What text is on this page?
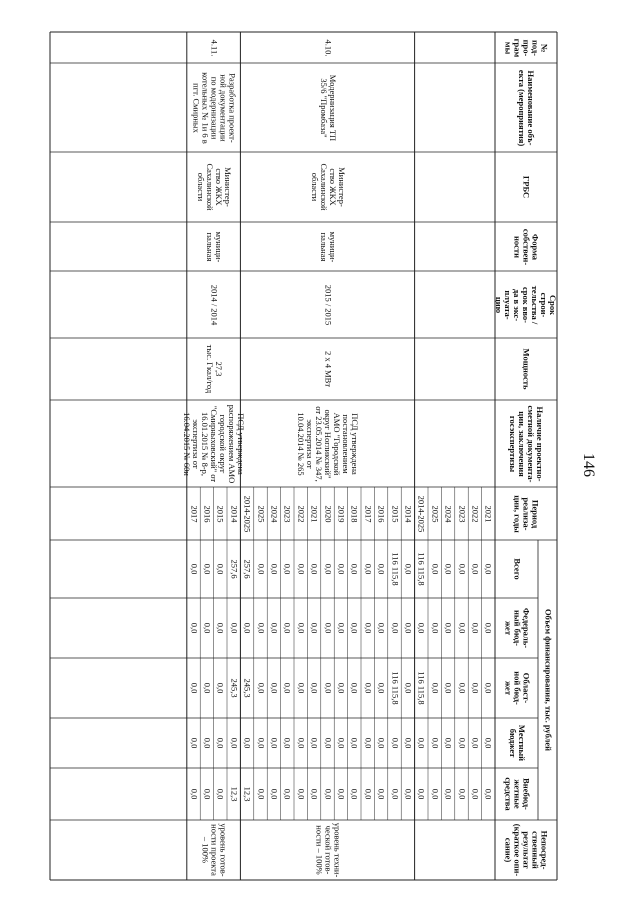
146
№
под-
про-
грам
мы
Наименование объ-
екта (мероприятия)
ГРБС
Форма
собствен-
ности
Срок
строи-
тельства /
срок вво-
да в экс-
плуата-
цию
Мощность
Наличие проектно-
сметной документа-
ции, заключения
госэкспертизы
Период
реализа-
ции, годы
Объем финансирования, тыс. рублей
Всего
Федераль-
ный бюд-
жет
Област-
ной бюд-
жет
Местный
бюджет
Внебюд-
жетные
средства
Непосред-
ственный
результат
(краткое опи-
сание)
2021
0,0
0,0
0,0
0,0
0,0
2022
0,0
0,0
0,0
0,0
0,0
2023
0,0
0,0
0,0
0,0
0,0
2024
0,0
0,0
0,0
0,0
0,0
2025
0,0
0,0
0,0
0,0
0,0
2014-2025
116 115,8
0,0
116 115,8
0,0
0,0
2014
0,0
0,0
0,0
0,0
0,0
2015
116 115,8
0,0
116 115,8
0,0
0,0
2016
0,0
0,0
0,0
0,0
0,0
2017
0,0
0,0
0,0
0,0
0,0
2018
0,0
0,0
0,0
0,0
0,0
2019
0,0
0,0
0,0
0,0
0,0
2020
0,0
0,0
0,0
0,0
0,0
2021
0,0
0,0
0,0
0,0
0,0
2022
0,0
0,0
0,0
0,0
0,0
2023
0,0
0,0
0,0
0,0
0,0
2024
0,0
0,0
0,0
0,0
0,0
2025
0,0
0,0
0,0
0,0
0,0
2014-2025
257,6
0,0
245,3
0,0
12,3
4.10.
Модернизация ТП
35/6 "Промбаза"
Министер-
ство ЖКХ
Сахалинской
области
муници-
пальная
2015 / 2015
2 х 4 МВт
ПСД утверждена
постановлением
АМО "Городской
округ Ногликский"
от 23.05.2014 № 347,
экспертиза от
10.04.2014 № 265
уровень техни-
ческой готов-
ности – 100%
2014
257,6
0,0
245,3
0,0
12,3
2015
0,0
0,0
0,0
0,0
0,0
2016
0,0
0,0
0,0
0,0
0,0
2017
0,0
0,0
0,0
0,0
0,0
4.11.
Разработка проект-
ной документации
по модернизации
котельных № 1и 6 в
пгт. Смирных
Министер-
ство ЖКХ
Сахалинской
области
муници-
пальная
2014 / 2014
27,3
тыс. Гкал/год
ПСД утверждена
распоряжением АМО
городской округ
"Смирныховский" от
16.01.2015 № 8-р,
экспертиза от
16.04.2015 № 60и
уровень готов-
ности проекта
– 100%
